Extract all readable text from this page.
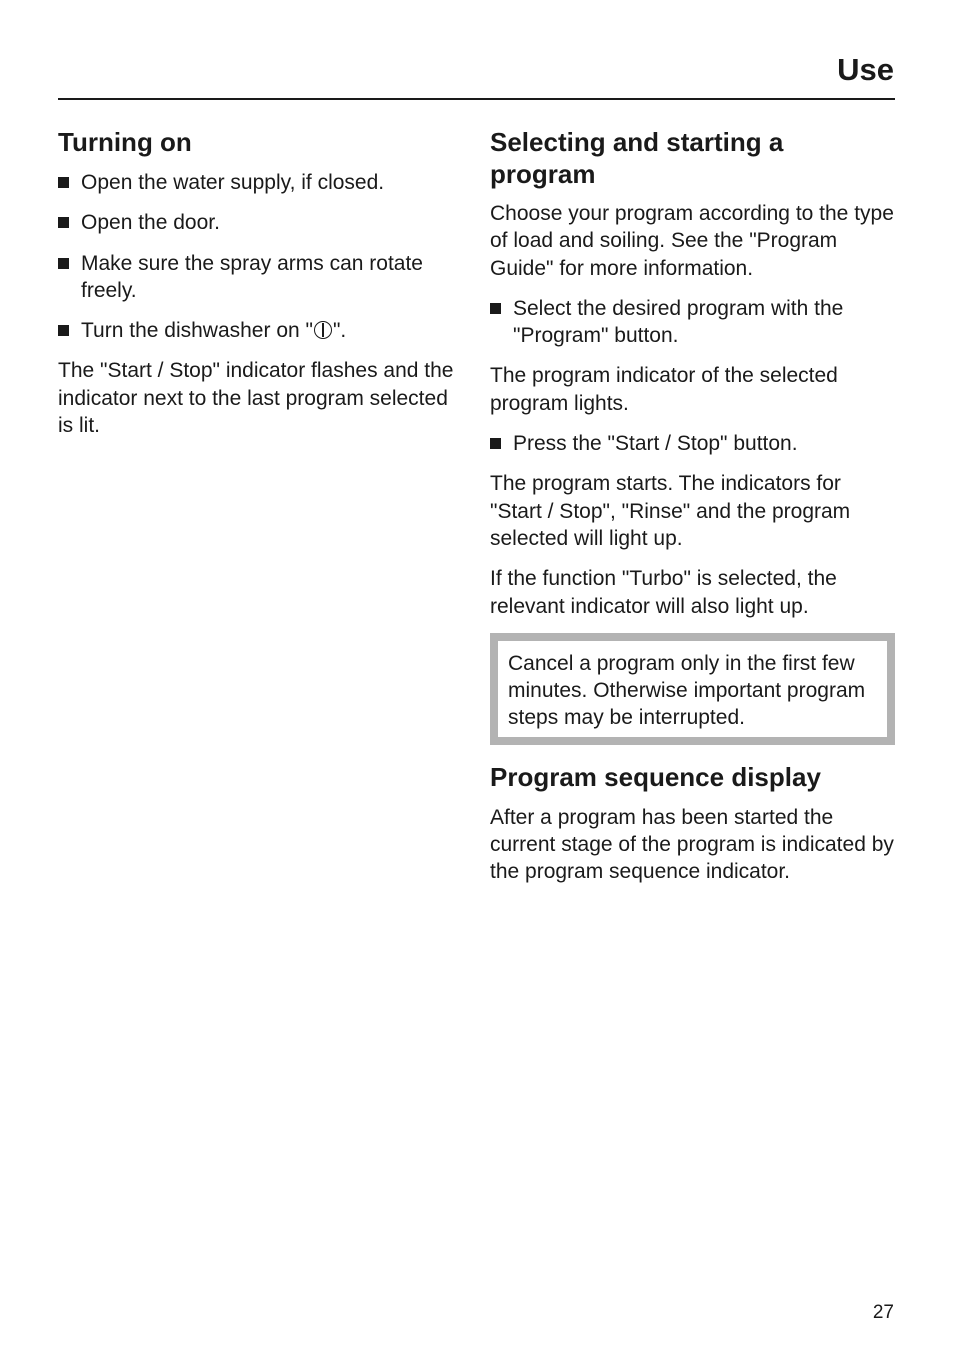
Use
Turning on
Open the water supply, if closed.
Open the door.
Make sure the spray arms can rotate freely.
Turn the dishwasher on " ".

The "Start / Stop" indicator flashes and the indicator next to the last program selected is lit.

Selecting and starting a program

Choose your program according to the type of load and soiling. See the "Program Guide" for more information.

Select the desired program with the "Program" button.

The program indicator of the selected program lights.

Press the "Start / Stop" button.

The program starts. The indicators for "Start / Stop", "Rinse" and the program selected will light up.

If the function "Turbo" is selected, the relevant indicator will also light up.

Cancel a program only in the first few minutes. Otherwise important program steps may be interrupted.

Program sequence display

After a program has been started the current stage of the program is indicated by the program sequence indicator.

27
